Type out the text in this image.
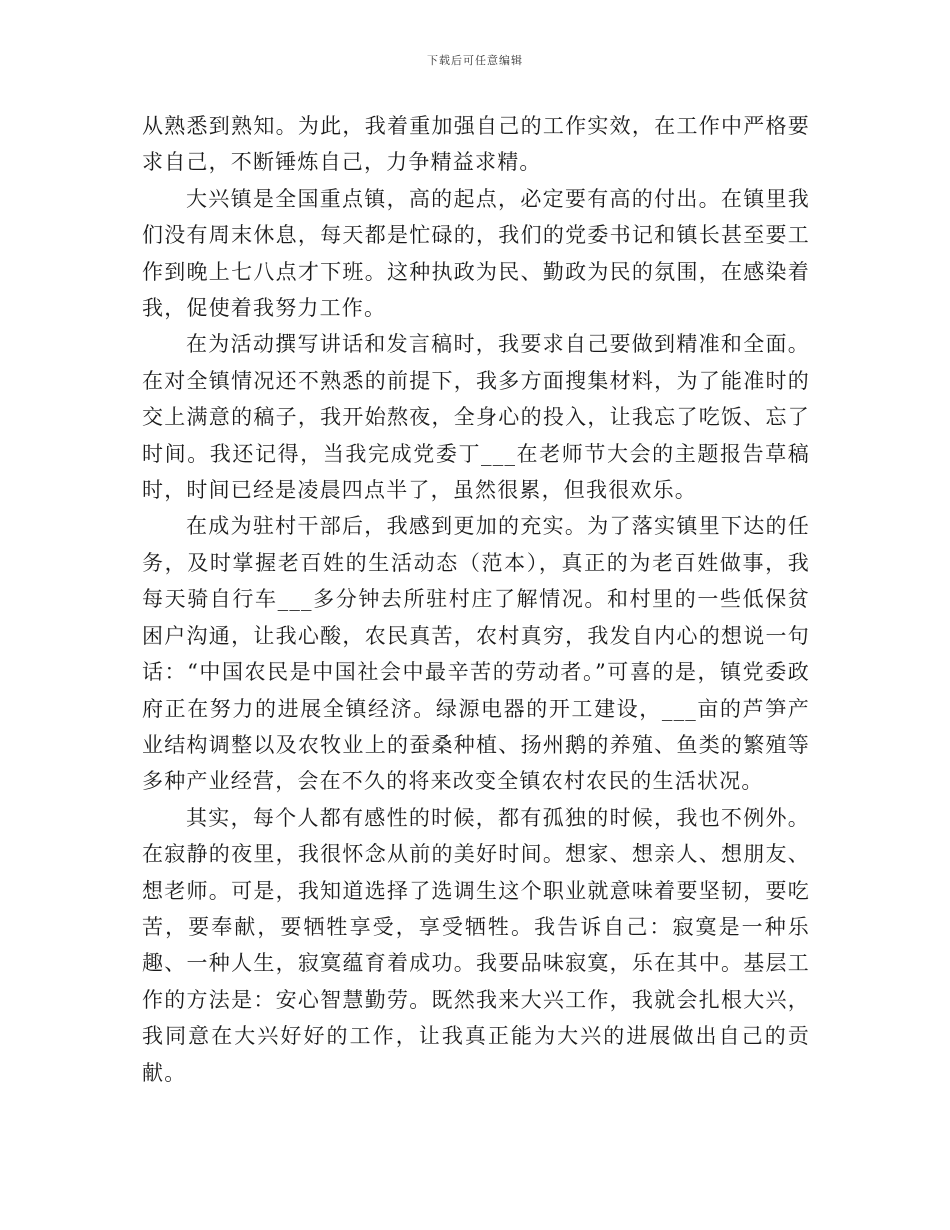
下载后可任意编辑

从熟悉到熟知。为此，我着重加强自己的工作实效，在工作中严格要求自己，不断锤炼自己，力争精益求精。

大兴镇是全国重点镇，高的起点，必定要有高的付出。在镇里我们没有周末休息，每天都是忙碌的，我们的党委书记和镇长甚至要工作到晚上七八点才下班。这种执政为民、勤政为民的氛围，在感染着我，促使着我努力工作。

在为活动撰写讲话和发言稿时，我要求自己要做到精准和全面。在对全镇情况还不熟悉的前提下，我多方面搜集材料，为了能准时的交上满意的稿子，我开始熬夜，全身心的投入，让我忘了吃饭、忘了时间。我还记得，当我完成党委丁___在老师节大会的主题报告草稿时，时间已经是凌晨四点半了，虽然很累，但我很欢乐。

在成为驻村干部后，我感到更加的充实。为了落实镇里下达的任务，及时掌握老百姓的生活动态（范本），真正的为老百姓做事，我每天骑自行车___多分钟去所驻村庄了解情况。和村里的一些低保贫困户沟通，让我心酸，农民真苦，农村真穷，我发自内心的想说一句话：“中国农民是中国社会中最辛苦的劳动者。”可喜的是，镇党委政府正在努力的进展全镇经济。绿源电器的开工建设，___亩的芦笋产业结构调整以及农牧业上的蚕桑种植、扬州鹅的养殖、鱼类的繁殖等多种产业经营，会在不久的将来改变全镇农村农民的生活状况。

其实，每个人都有感性的时候，都有孤独的时候，我也不例外。在寂静的夜里，我很怀念从前的美好时间。想家、想亲人、想朋友、想老师。可是，我知道选择了选调生这个职业就意味着要坚韧，要吃苦，要奉献，要牺牲享受，享受牺牲。我告诉自己：寂寞是一种乐趣、一种人生，寂寞蕴育着成功。我要品味寂寞，乐在其中。基层工作的方法是：安心智慧勤劳。既然我来大兴工作，我就会扎根大兴，我同意在大兴好好的工作，让我真正能为大兴的进展做出自己的贡献。
